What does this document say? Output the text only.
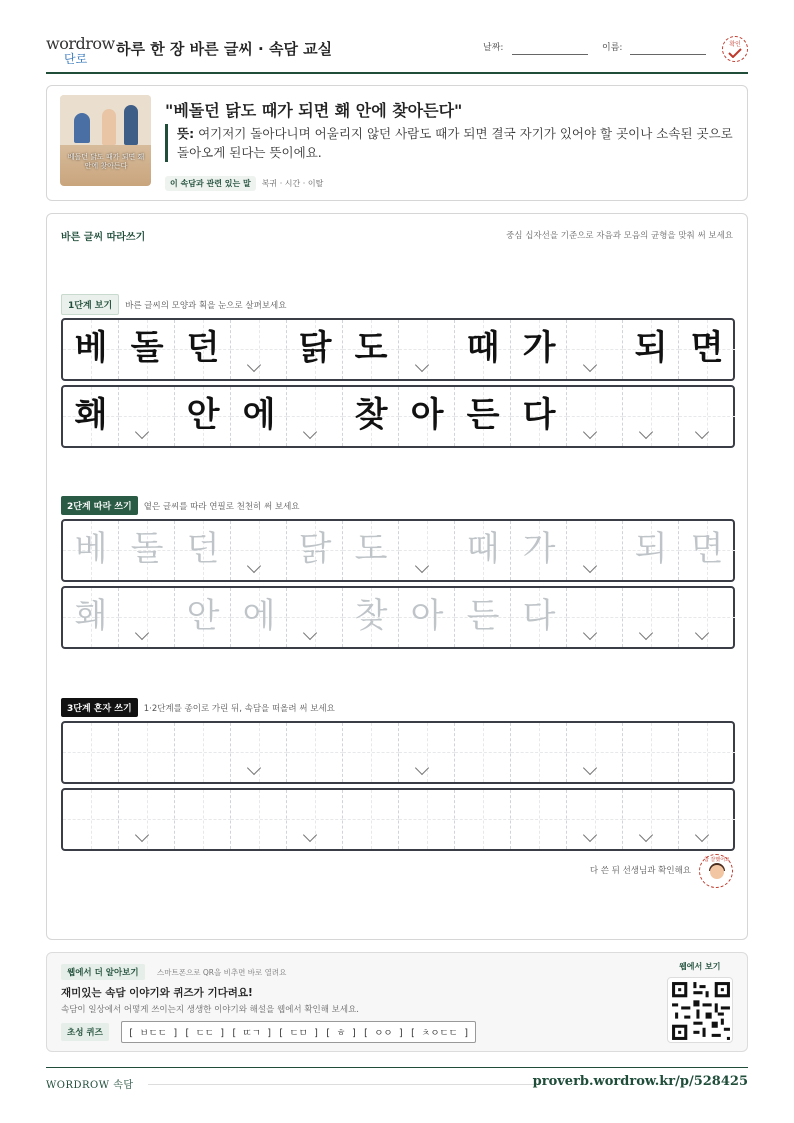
wordrow
단로
하루 한 장 바른 글씨 · 속담 교실	날짜:	이름:	확인
베돌던 닭도 때가 되면 홰 안에 찾아든다
"베돌던 닭도 때가 되면 홰 안에 찾아든다"
뜻: 여기저기 돌아다니며 어울리지 않던 사람도 때가 되면 결국 자기가 있어야 할 곳이나 소속된 곳으로 돌아오게 된다는 뜻이에요.
이 속담과 관련 있는 말 복귀 · 시간 · 이탈
바른 글씨 따라쓰기	중심 십자선을 기준으로 자음과 모음의 균형을 맞춰 써 보세요
1단계 보기 바른 글씨의 모양과 획을 눈으로 살펴보세요
베 돌 던	닭 도	때 가	되 면
홰	안 에	찾 아 든 다
2단계 따라 쓰기 옅은 글씨를 따라 연필로 천천히 써 보세요
베 돌 던	닭 도	때 가	되 면
홰	안 에	찾 아 든 다
3단계 혼자 쓰기 1·2단계를 종이로 가린 뒤, 속담을 떠올려 써 보세요
다 쓴 뒤 선생님과 확인해요
참 잘했어요
웹에서 더 알아보기	스마트폰으로 QR을 비추면 바로 열려요
재미있는 속담 이야기와 퀴즈가 기다려요!
속담이 일상에서 어떻게 쓰이는지 생생한 이야기와 해설을 웹에서 확인해 보세요.
초성 퀴즈	[ ㅂㄷㄷ ] [ ㄷㄷ ] [ ㄸㄱ ] [ ㄷㅁ ] [ ㅎ ] [ ㅇㅇ ] [ ㅊㅇㄷㄷ ]
웹에서 보기
WORDROW 속담	proverb.wordrow.kr/p/528425
